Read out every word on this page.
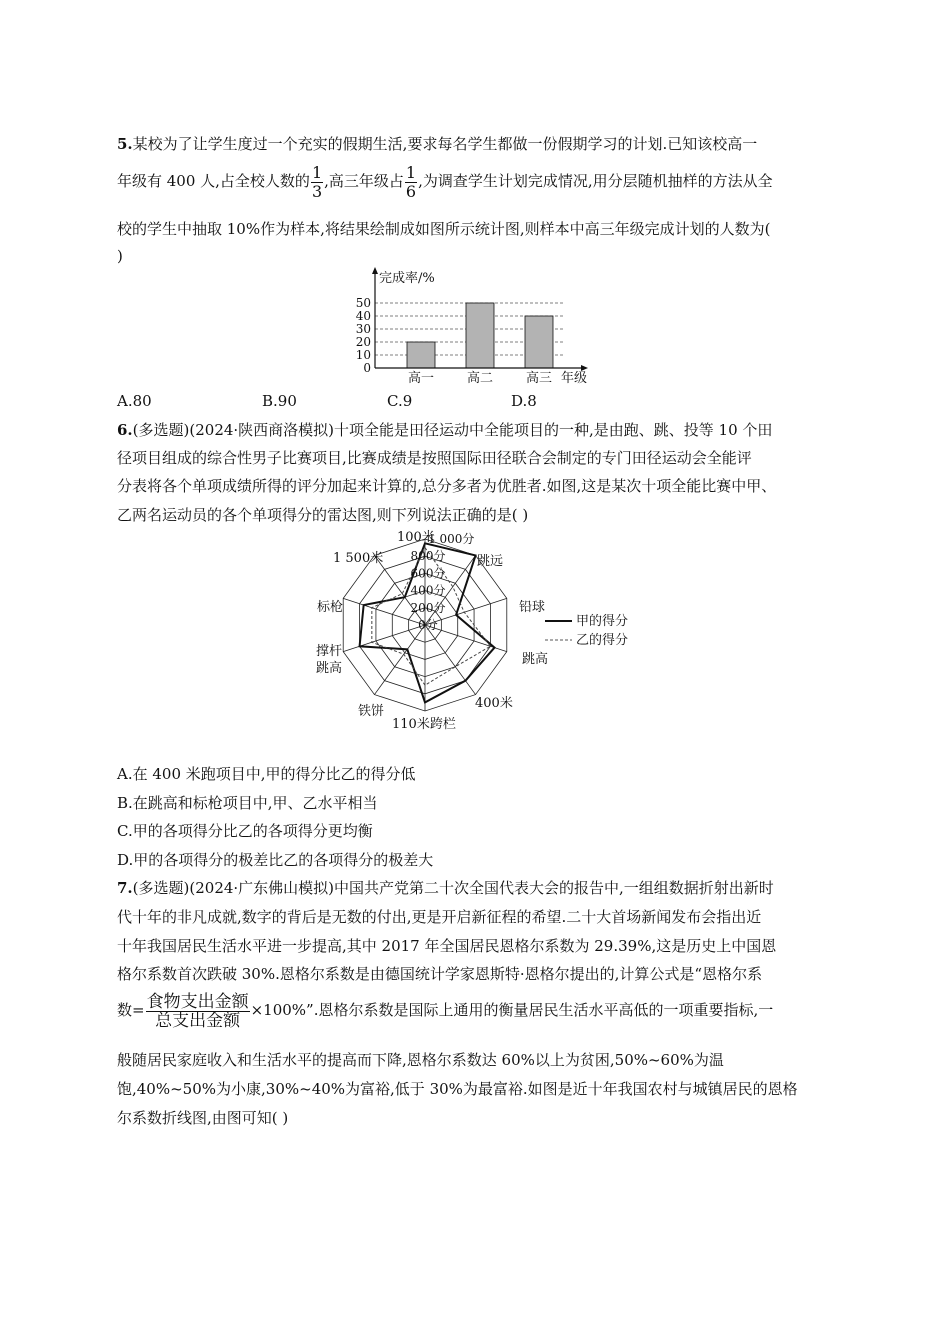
5.某校为了让学生度过一个充实的假期生活,要求每名学生都做一份假期学习的计划.已知该校高一
年级有 400 人,占全校人数的 $\frac{1}{3}$ ,高三年级占 $\frac{1}{6}$ ,为调查学生计划完成情况,用分层随机抽样的方法从全
校的学生中抽取 10%作为样本,将结果绘制成如图所示统计图,则样本中高三年级完成计划的人数为(
)
完成率/%
0
10
20
30
40
50
高一	高二	高三 年级
A.80	B.90	C.9	D.8
6.(多选题)(2024·陕西商洛模拟)十项全能是田径运动中全能项目的一种,是由跑、跳、投等 10 个田
径项目组成的综合性男子比赛项目,比赛成绩是按照国际田径联合会制定的专门田径运动会全能评
分表将各个单项成绩所得的评分加起来计算的,总分多者为优胜者.如图,这是某次十项全能比赛中甲、
乙两名运动员的各个单项得分的雷达图,则下列说法正确的是( )
0分
200分
400分
600分
800分
1 000分
100米
跳远
铅球
跳高
400米
110米跨栏
铁饼
撑杆跳高
标枪
1 500米
甲的得分
乙的得分
A.在 400 米跑项目中,甲的得分比乙的得分低
B.在跳高和标枪项目中,甲、乙水平相当
C.甲的各项得分比乙的各项得分更均衡
D.甲的各项得分的极差比乙的各项得分的极差大
7.(多选题)(2024·广东佛山模拟)中国共产党第二十次全国代表大会的报告中,一组组数据折射出新时
代十年的非凡成就,数字的背后是无数的付出,更是开启新征程的希望.二十大首场新闻发布会指出近
十年我国居民生活水平进一步提高,其中 2017 年全国居民恩格尔系数为 29.39%,这是历史上中国恩
格尔系数首次跌破 30%.恩格尔系数是由德国统计学家恩斯特·恩格尔提出的,计算公式是“恩格尔系
数= $\frac{\text{食物支出金额}}{\text{总支出金额}} \times 100\%$”.恩格尔系数是国际上通用的衡量居民生活水平高低的一项重要指标,一
般随居民家庭收入和生活水平的提高而下降,恩格尔系数达 60%以上为贫困,50%~60%为温
饱,40%~50%为小康,30%~40%为富裕,低于 30%为最富裕.如图是近十年我国农村与城镇居民的恩格
尔系数折线图,由图可知( )
